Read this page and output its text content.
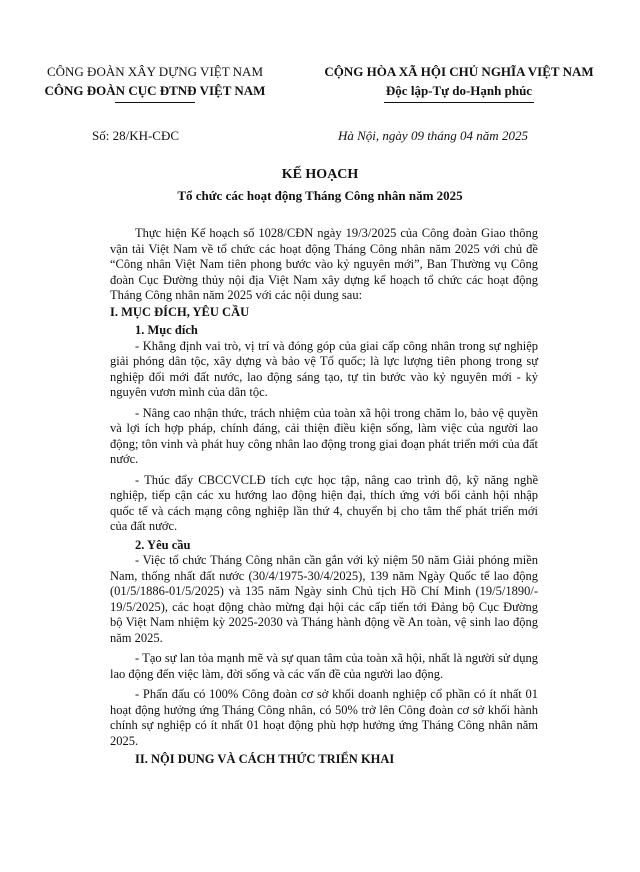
CÔNG ĐOÀN XÂY DỰNG VIỆT NAM
CÔNG ĐOÀN CỤC ĐTNĐ VIỆT NAM
CỘNG HÒA XÃ HỘI CHỦ NGHĨA VIỆT NAM
Độc lập-Tự do-Hạnh phúc
Số: 28/KH-CĐC	Hà Nội, ngày 09 tháng 04 năm 2025
KẾ HOẠCH
Tổ chức các hoạt động Tháng Công nhân năm 2025

Thực hiện Kế hoạch số 1028/CĐN ngày 19/3/2025 của Công đoàn Giao thông vận tải Việt Nam về tổ chức các hoạt động Tháng Công nhân năm 2025 với chủ đề “Công nhân Việt Nam tiên phong bước vào kỷ nguyên mới”, Ban Thường vụ Công đoàn Cục Đường thủy nội địa Việt Nam xây dựng kế hoạch tổ chức các hoạt động Tháng Công nhân năm 2025 với các nội dung sau:

I. MỤC ĐÍCH, YÊU CẦU

1. Mục đích

- Khẳng định vai trò, vị trí và đóng góp của giai cấp công nhân trong sự nghiệp giải phóng dân tộc, xây dựng và bảo vệ Tổ quốc; là lực lượng tiên phong trong sự nghiệp đổi mới đất nước, lao động sáng tạo, tự tin bước vào kỷ nguyên mới - kỷ nguyên vươn mình của dân tộc.

- Nâng cao nhận thức, trách nhiệm của toàn xã hội trong chăm lo, bảo vệ quyền và lợi ích hợp pháp, chính đáng, cải thiện điều kiện sống, làm việc của người lao động; tôn vinh và phát huy công nhân lao động trong giai đoạn phát triển mới của đất nước.

- Thúc đẩy CBCCVCLĐ tích cực học tập, nâng cao trình độ, kỹ năng nghề nghiệp, tiếp cận các xu hướng lao động hiện đại, thích ứng với bối cảnh hội nhập quốc tế và cách mạng công nghiệp lần thứ 4, chuyển bị cho tâm thế phát triển mới của đất nước.

2. Yêu cầu

- Việc tổ chức Tháng Công nhân cần gắn với kỷ niệm 50 năm Giải phóng miền Nam, thống nhất đất nước (30/4/1975-30/4/2025), 139 năm Ngày Quốc tế lao động (01/5/1886-01/5/2025) và 135 năm Ngày sinh Chủ tịch Hồ Chí Minh (19/5/1890/- 19/5/2025), các hoạt động chào mừng đại hội các cấp tiến tới Đảng bộ Cục Đường bộ Việt Nam nhiệm kỳ 2025-2030 và Tháng hành động về An toàn, vệ sinh lao động năm 2025.

- Tạo sự lan tỏa mạnh mẽ và sự quan tâm của toàn xã hội, nhất là người sử dụng lao động đến việc làm, đời sống và các vấn đề của người lao động.

- Phấn đấu có 100% Công đoàn cơ sở khối doanh nghiệp cổ phần có ít nhất 01 hoạt động hưởng ứng Tháng Công nhân, có 50% trở lên Công đoàn cơ sở khối hành chính sự nghiệp có ít nhất 01 hoạt động phù hợp hưởng ứng Tháng Công nhân năm 2025.

II. NỘI DUNG VÀ CÁCH THỨC TRIỂN KHAI
